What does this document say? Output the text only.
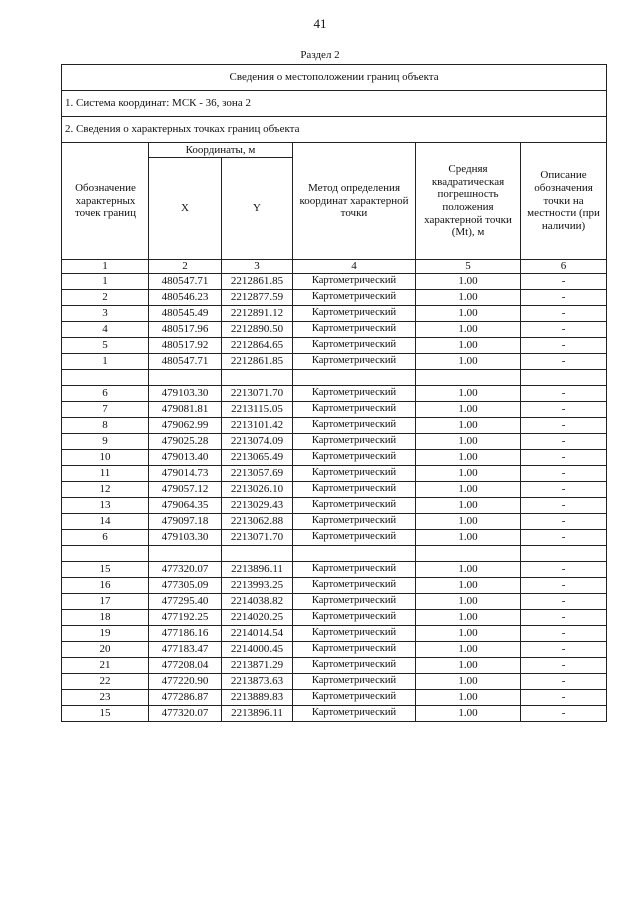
41
Раздел 2
Сведения о местоположении границ объекта					
1. Система координат: МСК - 36, зона 2					
2. Сведения о характерных точках границ объекта					
Обозначение характерных точек границ	Координаты, м		Метод определения координат характерной точки	Средняя квадратическая погрешность положения характерной точки (Mt), м	Описание обозначения точки на местности (при наличии)
	X	Y			
1	2	3	4	5	6
1	480547.71	2212861.85	Картометрический	1.00	-
2	480546.23	2212877.59	Картометрический	1.00	-
3	480545.49	2212891.12	Картометрический	1.00	-
4	480517.96	2212890.50	Картометрический	1.00	-
5	480517.92	2212864.65	Картометрический	1.00	-
1	480547.71	2212861.85	Картометрический	1.00	-

6	479103.30	2213071.70	Картометрический	1.00	-
7	479081.81	2213115.05	Картометрический	1.00	-
8	479062.99	2213101.42	Картометрический	1.00	-
9	479025.28	2213074.09	Картометрический	1.00	-
10	479013.40	2213065.49	Картометрический	1.00	-
11	479014.73	2213057.69	Картометрический	1.00	-
12	479057.12	2213026.10	Картометрический	1.00	-
13	479064.35	2213029.43	Картометрический	1.00	-
14	479097.18	2213062.88	Картометрический	1.00	-
6	479103.30	2213071.70	Картометрический	1.00	-

15	477320.07	2213896.11	Картометрический	1.00	-
16	477305.09	2213993.25	Картометрический	1.00	-
17	477295.40	2214038.82	Картометрический	1.00	-
18	477192.25	2214020.25	Картометрический	1.00	-
19	477186.16	2214014.54	Картометрический	1.00	-
20	477183.47	2214000.45	Картометрический	1.00	-
21	477208.04	2213871.29	Картометрический	1.00	-
22	477220.90	2213873.63	Картометрический	1.00	-
23	477286.87	2213889.83	Картометрический	1.00	-
15	477320.07	2213896.11	Картометрический	1.00	-
